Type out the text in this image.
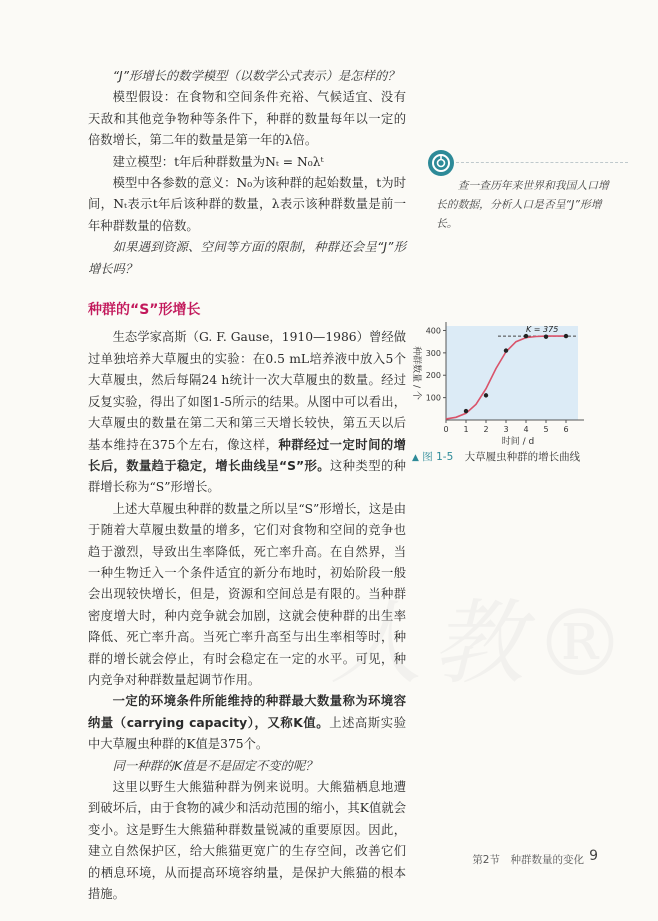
“J”形增长的数学模型（以数学公式表示）是怎样的？

模型假设：在食物和空间条件充裕、气候适宜、没有天敌和其他竞争物种等条件下，种群的数量每年以一定的倍数增长，第二年的数量是第一年的λ倍。

建立模型：t年后种群数量为Nₜ = N₀λᵗ

模型中各参数的意义：N₀为该种群的起始数量，t为时间，Nₜ表示t年后该种群的数量，λ表示该种群数量是前一年种群数量的倍数。

如果遇到资源、空间等方面的限制，种群还会呈“J”形增长吗？

种群的“S”形增长

生态学家高斯（G. F. Gause，1910—1986）曾经做过单独培养大草履虫的实验：在0.5 mL培养液中放入5个大草履虫，然后每隔24 h统计一次大草履虫的数量。经过反复实验，得出了如图1-5所示的结果。从图中可以看出，大草履虫的数量在第二天和第三天增长较快，第五天以后基本维持在375个左右，像这样，种群经过一定时间的增长后，数量趋于稳定，增长曲线呈“S”形。这种类型的种群增长称为“S”形增长。

上述大草履虫种群的数量之所以呈“S”形增长，这是由于随着大草履虫数量的增多，它们对食物和空间的竞争也趋于激烈，导致出生率降低，死亡率升高。在自然界，当一种生物迁入一个条件适宜的新分布地时，初始阶段一般会出现较快增长，但是，资源和空间总是有限的。当种群密度增大时，种内竞争就会加剧，这就会使种群的出生率降低、死亡率升高。当死亡率升高至与出生率相等时，种群的增长就会停止，有时会稳定在一定的水平。可见，种内竞争对种群数量起调节作用。

一定的环境条件所能维持的种群最大数量称为环境容纳量（carrying capacity），又称K值。上述高斯实验中大草履虫种群的K值是375个。

同一种群的K值是不是固定不变的呢？

这里以野生大熊猫种群为例来说明。大熊猫栖息地遭到破坏后，由于食物的减少和活动范围的缩小，其K值就会变小。这是野生大熊猫种群数量锐减的重要原因。因此，建立自然保护区，给大熊猫更宽广的生存空间，改善它们的栖息环境，从而提高环境容纳量，是保护大熊猫的根本措施。

查一查历年来世界和我国人口增长的数据，分析人口是否呈“J”形增长。
100
200
300
400
0 1 2 3 4 5 6
K = 375
时间 / d
种群数量 / 个
▲ 图 1-5 大草履虫种群的增长曲线
人教®
第2节　种群数量的变化 9
